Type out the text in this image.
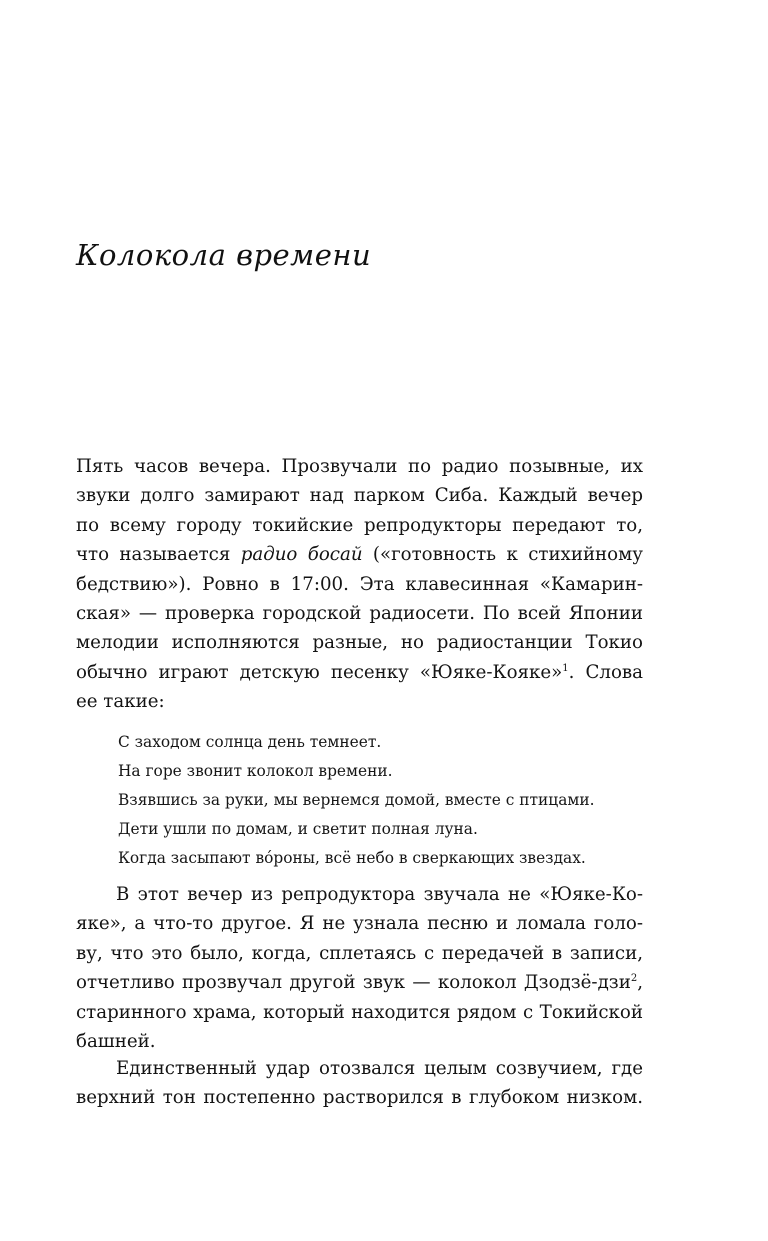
Колокола времени
Пять часов вечера. Прозвучали по радио позывные, их
звуки долго замирают над парком Сиба. Каждый вечер
по всему городу токийские репродукторы передают то,
что называется радио босай («готовность к стихийному
бедствию»). Ровно в 17:00. Эта клавесинная «Камарин-
ская» — проверка городской радиосети. По всей Японии
мелодии исполняются разные, но радиостанции Токио
обычно играют детскую песенку «Юяке-Кояке»$^1$. Слова
ее такие:
С заходом солнца день темнеет.
На горе звонит колокол времени.
Взявшись за руки, мы вернемся домой, вместе с птицами.
Дети ушли по домам, и светит полная луна.
Когда засыпают вóроны, всё небо в сверкающих звездах.
В этот вечер из репродуктора звучала не «Юяке-Ко-
яке», а что-то другое. Я не узнала песню и ломала голо-
ву, что это было, когда, сплетаясь с передачей в записи,
отчетливо прозвучал другой звук — колокол Дзодзё-дзи$^2$,
старинного храма, который находится рядом с Токийской
башней.
Единственный удар отозвался целым созвучием, где
верхний тон постепенно растворился в глубоком низком.
